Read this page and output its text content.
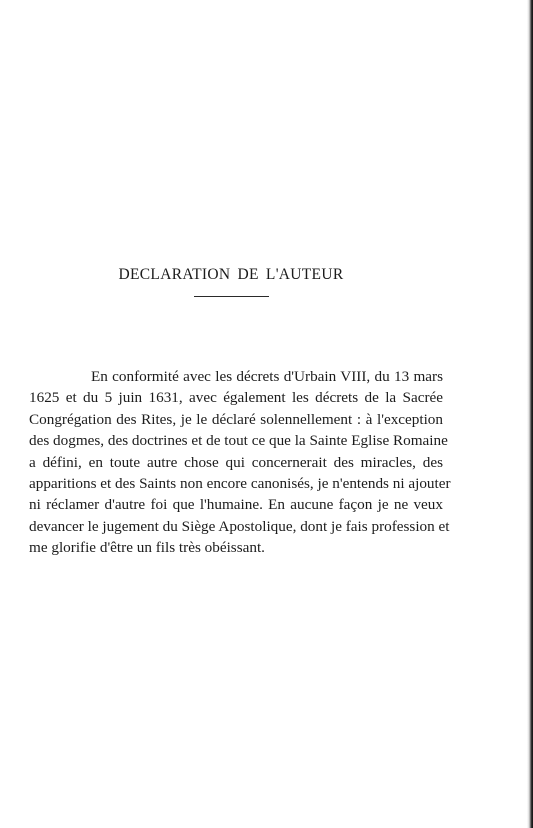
DECLARATION DE L'AUTEUR
En conformité avec les décrets d'Urbain VIII, du 13 mars
1625 et du 5 juin 1631, avec également les décrets de la Sacrée
Congrégation des Rites, je le déclaré solennellement : à l'exception
des dogmes, des doctrines et de tout ce que la Sainte Eglise Romaine
a défini, en toute autre chose qui concernerait des miracles, des
apparitions et des Saints non encore canonisés, je n'entends ni ajouter
ni réclamer d'autre foi que l'humaine. En aucune façon je ne veux
devancer le jugement du Siège Apostolique, dont je fais profession et
me glorifie d'être un fils très obéissant.
